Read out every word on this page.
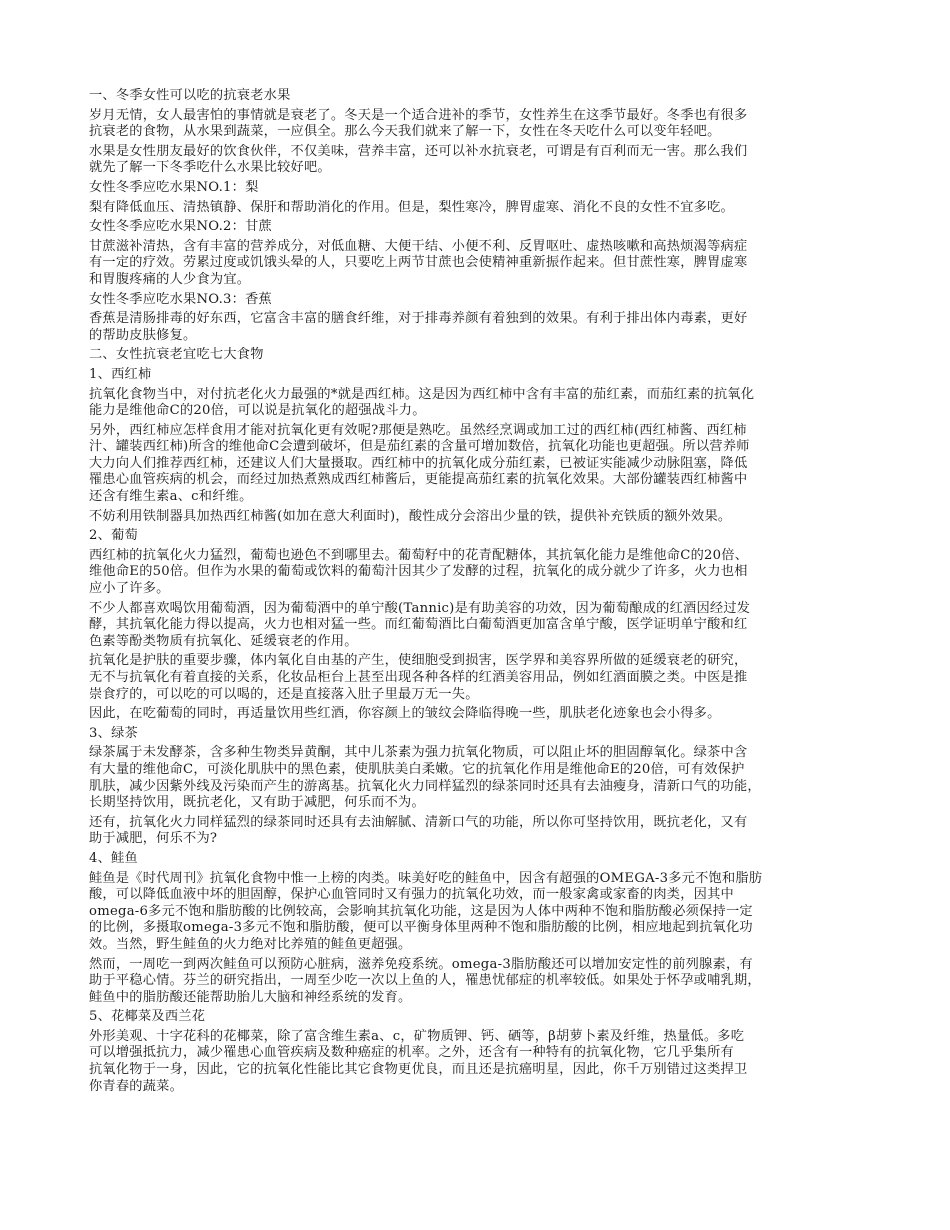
一、冬季女性可以吃的抗衰老水果

岁月无情，女人最害怕的事情就是衰老了。冬天是一个适合进补的季节，女性养生在这季节最好。冬季也有很多

抗衰老的食物，从水果到蔬菜，一应俱全。那么今天我们就来了解一下，女性在冬天吃什么可以变年轻吧。

水果是女性朋友最好的饮食伙伴，不仅美味，营养丰富，还可以补水抗衰老，可谓是有百利而无一害。那么我们

就先了解一下冬季吃什么水果比较好吧。

女性冬季应吃水果NO.1：梨

梨有降低血压、清热镇静、保肝和帮助消化的作用。但是，梨性寒冷，脾胃虚寒、消化不良的女性不宜多吃。

女性冬季应吃水果NO.2：甘蔗

甘蔗滋补清热，含有丰富的营养成分，对低血糖、大便干结、小便不利、反胃呕吐、虚热咳嗽和高热烦渴等病症

有一定的疗效。劳累过度或饥饿头晕的人，只要吃上两节甘蔗也会使精神重新振作起来。但甘蔗性寒，脾胃虚寒

和胃腹疼痛的人少食为宜。

女性冬季应吃水果NO.3：香蕉

香蕉是清肠排毒的好东西，它富含丰富的膳食纤维，对于排毒养颜有着独到的效果。有利于排出体内毒素，更好

的帮助皮肤修复。

二、女性抗衰老宜吃七大食物

1、西红柿

抗氧化食物当中，对付抗老化火力最强的*就是西红柿。这是因为西红柿中含有丰富的茄红素，而茄红素的抗氧化

能力是维他命C的20倍，可以说是抗氧化的超强战斗力。

另外，西红柿应怎样食用才能对抗氧化更有效呢?那便是熟吃。虽然经烹调或加工过的西红柿(西红柿酱、西红柿

汁、罐装西红柿)所含的维他命C会遭到破坏，但是茄红素的含量可增加数倍，抗氧化功能也更超强。所以营养师

大力向人们推荐西红柿，还建议人们大量摄取。西红柿中的抗氧化成分茄红素，已被证实能减少动脉阻塞，降低

罹患心血管疾病的机会，而经过加热煮熟成西红柿酱后，更能提高茄红素的抗氧化效果。大部份罐装西红柿酱中

还含有维生素a、c和纤维。

不妨利用铁制器具加热西红柿酱(如加在意大利面时)，酸性成分会溶出少量的铁，提供补充铁质的额外效果。

2、葡萄

西红柿的抗氧化火力猛烈，葡萄也逊色不到哪里去。葡萄籽中的花青配糖体，其抗氧化能力是维他命C的20倍、

维他命E的50倍。但作为水果的葡萄或饮料的葡萄汁因其少了发酵的过程，抗氧化的成分就少了许多，火力也相

应小了许多。

不少人都喜欢喝饮用葡萄酒，因为葡萄酒中的单宁酸(Tannic)是有助美容的功效，因为葡萄酿成的红酒因经过发

酵，其抗氧化能力得以提高，火力也相对猛一些。而红葡萄酒比白葡萄酒更加富含单宁酸，医学证明单宁酸和红

色素等酚类物质有抗氧化、延缓衰老的作用。

抗氧化是护肤的重要步骤，体内氧化自由基的产生，使细胞受到损害，医学界和美容界所做的延缓衰老的研究，

无不与抗氧化有着直接的关系，化妆品柜台上甚至出现各种各样的红酒美容用品，例如红酒面膜之类。中医是推

崇食疗的，可以吃的可以喝的，还是直接落入肚子里最万无一失。

因此，在吃葡萄的同时，再适量饮用些红酒，你容颜上的皱纹会降临得晚一些，肌肤老化迹象也会小得多。

3、绿茶

绿茶属于未发酵茶，含多种生物类异黄酮，其中儿茶素为强力抗氧化物质，可以阻止坏的胆固醇氧化。绿茶中含

有大量的维他命C，可淡化肌肤中的黑色素，使肌肤美白柔嫩。它的抗氧化作用是维他命E的20倍，可有效保护

肌肤，减少因紫外线及污染而产生的游离基。抗氧化火力同样猛烈的绿茶同时还具有去油瘦身，清新口气的功能，

长期坚持饮用，既抗老化，又有助于减肥，何乐而不为。

还有，抗氧化火力同样猛烈的绿茶同时还具有去油解腻、清新口气的功能，所以你可坚持饮用，既抗老化，又有

助于减肥，何乐不为?

4、鲑鱼

鲑鱼是《时代周刊》抗氧化食物中惟一上榜的肉类。味美好吃的鲑鱼中，因含有超强的OMEGA-3多元不饱和脂肪

酸，可以降低血液中坏的胆固醇，保护心血管同时又有强力的抗氧化功效，而一般家禽或家畜的肉类，因其中

omega-6多元不饱和脂肪酸的比例较高，会影响其抗氧化功能，这是因为人体中两种不饱和脂肪酸必须保持一定

的比例，多摄取omega-3多元不饱和脂肪酸，便可以平衡身体里两种不饱和脂肪酸的比例，相应地起到抗氧化功

效。当然，野生鲑鱼的火力绝对比养殖的鲑鱼更超强。

然而，一周吃一到两次鲑鱼可以预防心脏病，滋养免疫系统。omega-3脂肪酸还可以增加安定性的前列腺素，有

助于平稳心情。芬兰的研究指出，一周至少吃一次以上鱼的人，罹患忧郁症的机率较低。如果处于怀孕或哺乳期，

鲑鱼中的脂肪酸还能帮助胎儿大脑和神经系统的发育。

5、花椰菜及西兰花

外形美观、十字花科的花椰菜，除了富含维生素a、c，矿物质钾、钙、硒等，β胡萝卜素及纤维，热量低。多吃

可以增强抵抗力，减少罹患心血管疾病及数种癌症的机率。之外，还含有一种特有的抗氧化物，它几乎集所有

抗氧化物于一身，因此，它的抗氧化性能比其它食物更优良，而且还是抗癌明星，因此，你千万别错过这类捍卫

你青春的蔬菜。
